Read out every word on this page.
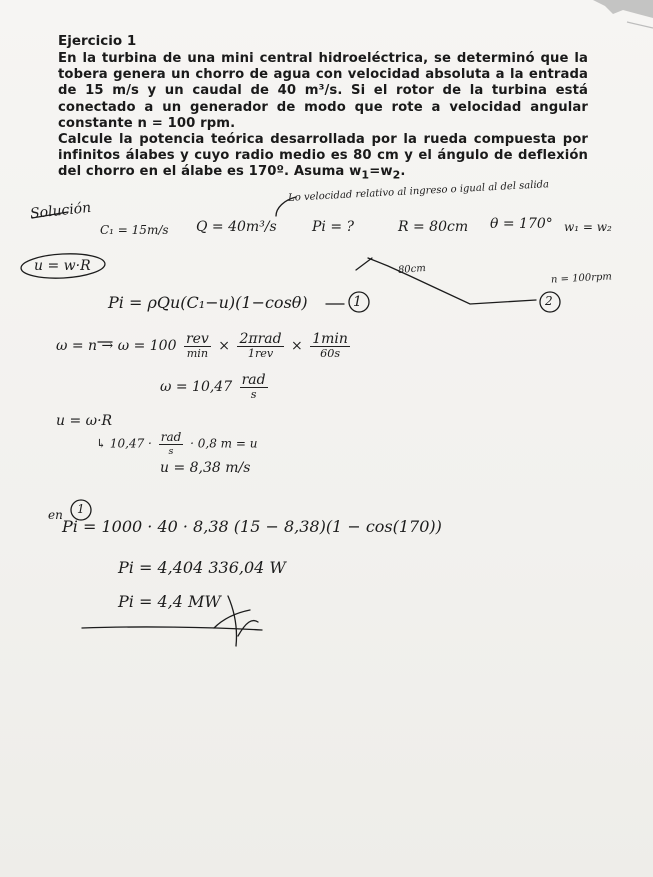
Ejercicio 1

En la turbina de una mini central hidroeléctrica, se determinó que la tobera genera un chorro de agua con velocidad absoluta a la entrada de 15 m/s y un caudal de 40 m³/s. Si el rotor de la turbina está conectado a un generador de modo que rote a velocidad angular constante n = 100 rpm.

Calcule la potencia teórica desarrollada por la rueda compuesta por infinitos álabes y cuyo radio medio es 80 cm y el ángulo de deflexión del chorro en el álabe es 170º. Asuma $w_1=w_2$.

Lo velocidad relativo al ingreso o igual al del salida
Solución
C₁ = 15m/s Q = 40m³/s	Pi = ?	R = 80cm θ = 170° w₁ = w₂
u = w·R	80cm
n = 100rpm
2
Pi = ρQu(C₁−u)(1−cosθ)	1
$\omega = n \to \omega = 100 \frac{\text{rev}}{\min} \times \frac{\text{2πrad}}{\text{1rev}} \times \frac{1\min}{60s}$
$\omega = 10,47 \frac{\text{rad}}{s}$
u = ω·R
↳ $10,47 \cdot \frac{\text{rad}}{s} \cdot 0,8$ m = u
u = 8,38 m/s
en 1
Pi = 1000 · 40 · 8,38 (15 − 8,38)(1 − cos(170))
Pi = 4,404 336,04 W
Pi = 4,4 MW
